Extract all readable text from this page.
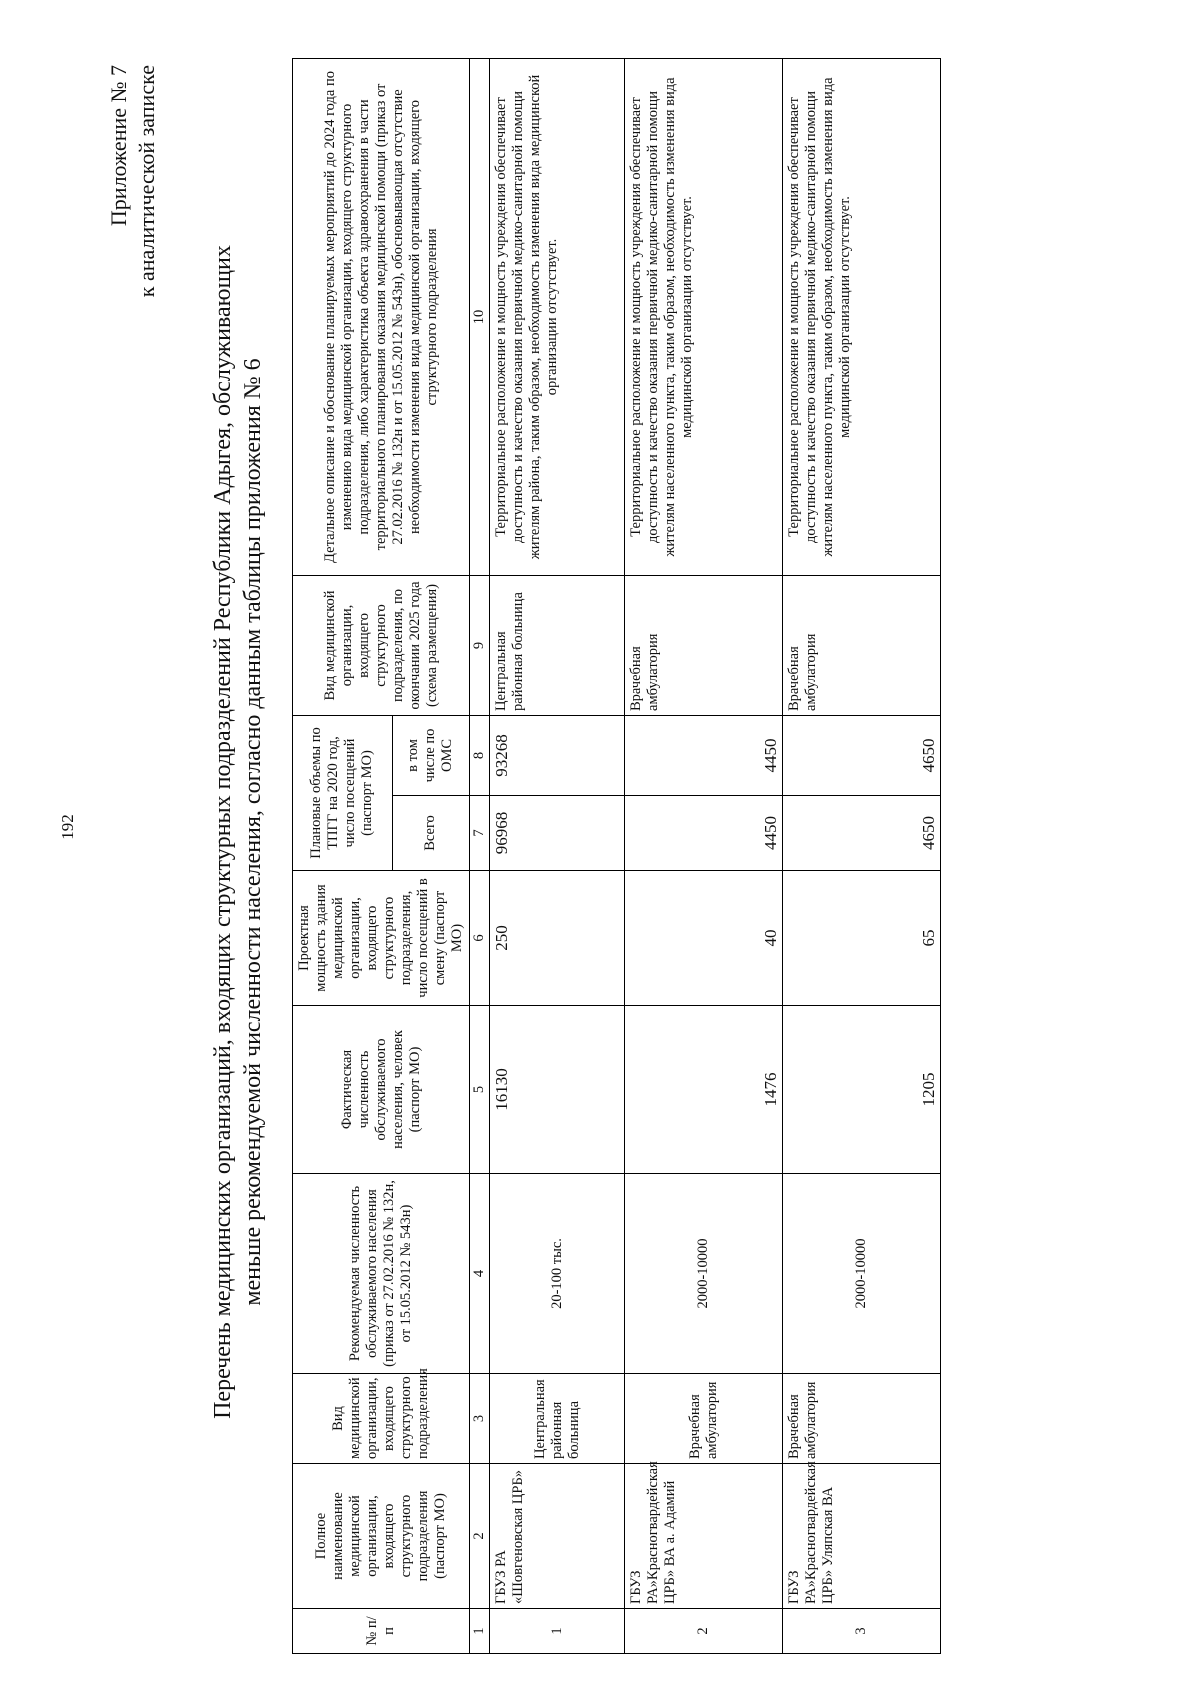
192
Приложение № 7 к аналитической записке
Перечень медицинских организаций, входящих структурных подразделений Республики Адыгея, обслуживающих меньше рекомендуемой численности населения, согласно данным таблицы приложения № 6
№ п/п	Полное наименование медицинской организации, входящего структурного подразделения (паспорт МО)	Вид медицинской организации, входящего структурного подразделения	Рекомендуемая численность обслуживаемого населения (приказ от 27.02.2016 № 132н, от 15.05.2012 № 543н)	Фактическая численность обслуживаемого населения, человек (паспорт МО)	Проектная мощность здания медицинской организации, входящего структурного подразделения, число посещений в смену (паспорт МО)	Плановые объемы по ТПГГ на 2020 год, число посещений (паспорт МО)		Вид медицинской организации, входящего структурного подразделения, по окончании 2025 года (схема размещения)	Детальное описание и обоснование планируемых мероприятий до 2024 года по изменению вида медицинской организации, входящего структурного подразделения, либо характеристика объекта здравоохранения в части территориального планирования оказания медицинской помощи (приказ от 27.02.2016 № 132н и от 15.05.2012 № 543н), обосновывающая отсутствие необходимости изменения вида медицинской организации, входящего структурного подразделения
						Всего	в том числе по ОМС		
1	2	3	4	5	6	7	8	9	10
1	ГБУЗ РА «Шовгеновская ЦРБ»	Центральная районная больница	20-100 тыс.	16130	250	96968	93268	Центральная районная больница	Территориальное расположение и мощность учреждения обеспечивает доступность и качество оказания первичной медико-санитарной помощи жителям района, таким образом, необходимость изменения вида медицинской организации отсутствует.
2	ГБУЗ РА»Красногвардейская ЦРБ» ВА а. Адамий	Врачебная амбулатория	2000-10000	1476	40	4450	4450	Врачебная амбулатория	Территориальное расположение и мощность учреждения обеспечивает доступность и качество оказания первичной медико-санитарной помощи жителям населенного пункта, таким образом, необходимость изменения вида медицинской организации отсутствует.
3	ГБУЗ РА»Красногвардейская ЦРБ» Уляпская ВА	Врачебная амбулатория	2000-10000	1205	65	4650	4650	Врачебная амбулатория	Территориальное расположение и мощность учреждения обеспечивает доступность и качество оказания первичной медико-санитарной помощи жителям населенного пункта, таким образом, необходимость изменения вида медицинской организации отсутствует.
